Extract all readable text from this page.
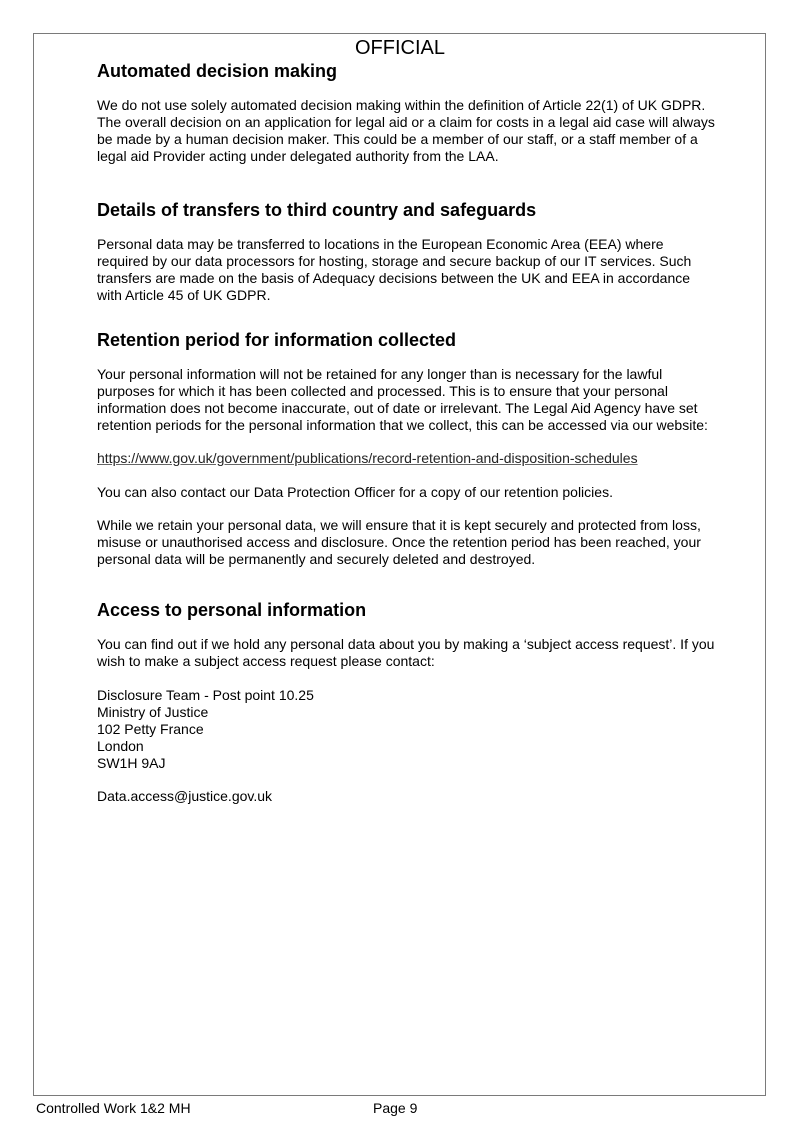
OFFICIAL
Automated decision making

We do not use solely automated decision making within the definition of Article 22(1) of UK GDPR. The overall decision on an application for legal aid or a claim for costs in a legal aid case will always be made by a human decision maker. This could be a member of our staff, or a staff member of a legal aid Provider acting under delegated authority from the LAA.

Details of transfers to third country and safeguards

Personal data may be transferred to locations in the European Economic Area (EEA) where required by our data processors for hosting, storage and secure backup of our IT services. Such transfers are made on the basis of Adequacy decisions between the UK and EEA in accordance with Article 45 of UK GDPR.

Retention period for information collected

Your personal information will not be retained for any longer than is necessary for the lawful purposes for which it has been collected and processed. This is to ensure that your personal information does not become inaccurate, out of date or irrelevant. The Legal Aid Agency have set retention periods for the personal information that we collect, this can be accessed via our website:

https://www.gov.uk/government/publications/record-retention-and-disposition-schedules

You can also contact our Data Protection Officer for a copy of our retention policies.

While we retain your personal data, we will ensure that it is kept securely and protected from loss, misuse or unauthorised access and disclosure. Once the retention period has been reached, your personal data will be permanently and securely deleted and destroyed.

Access to personal information

You can find out if we hold any personal data about you by making a ‘subject access request’. If you wish to make a subject access request please contact:

Disclosure Team - Post point 10.25
Ministry of Justice
102 Petty France
London
SW1H 9AJ

Data.access@justice.gov.uk

Controlled Work 1&2 MH	Page 9
